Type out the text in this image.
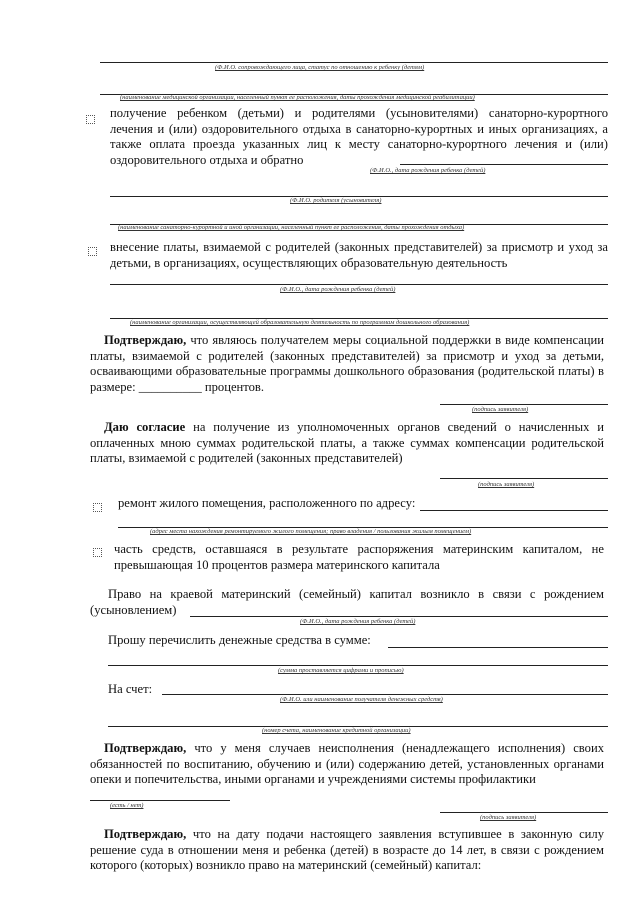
(Ф.И.О. сопровождающего лица, статус по отношению к ребенку (детям)
(наименование медицинской организации, населенный пункт ее расположения, даты прохождения медицинской реабилитации)
получение ребенком (детьми) и родителями (усыновителями) санаторно-курортного лечения и (или) оздоровительного отдыха в санаторно-курортных и иных организациях, а также оплата проезда указанных лиц к месту санаторно-курортного лечения и (или) оздоровительного отдыха и обратно
(Ф.И.О., дата рождения ребенка (детей)
(Ф.И.О. родителя (усыновителя)
(наименование санаторно-курортной и иной организации, населенный пункт ее расположения, даты прохождения отдыха)
внесение платы, взимаемой с родителей (законных представителей) за присмотр и уход за детьми, в организациях, осуществляющих образовательную деятельность
(Ф.И.О., дата рождения ребенка (детей)
(наименование организации, осуществляющей образовательную деятельность по программам дошкольного образования)
Подтверждаю, что являюсь получателем меры социальной поддержки в виде компенсации платы, взимаемой с родителей (законных представителей) за присмотр и уход за детьми, осваивающими образовательные программы дошкольного образования (родительской платы) в размере: __________ процентов.
(подпись заявителя)
Даю согласие на получение из уполномоченных органов сведений о начисленных и оплаченных мною суммах родительской платы, а также суммах компенсации родительской платы, взимаемой с родителей (законных представителей)
(подпись заявителя)
ремонт жилого помещения, расположенного по адресу:
(адрес места нахождения ремонтируемого жилого помещения; право владения / пользования жилым помещением)
часть средств, оставшаяся в результате распоряжения материнским капиталом, не превышающая 10 процентов размера материнского капитала
Право на краевой материнский (семейный) капитал возникло в связи с рождением (усыновлением)
(Ф.И.О., дата рождения ребенка (детей)
Прошу перечислить денежные средства в сумме:
(сумма проставляется цифрами и прописью)
На счет:
(Ф.И.О. или наименование получателя денежных средств)
(номер счета, наименование кредитной организации)
Подтверждаю, что у меня случаев неисполнения (ненадлежащего исполнения) своих обязанностей по воспитанию, обучению и (или) содержанию детей, установленных органами опеки и попечительства, иными органами и учреждениями системы профилактики
(есть / нет)
(подпись заявителя)
Подтверждаю, что на дату подачи настоящего заявления вступившее в законную силу решение суда в отношении меня и ребенка (детей) в возрасте до 14 лет, в связи с рождением которого (которых) возникло право на материнский (семейный) капитал:
